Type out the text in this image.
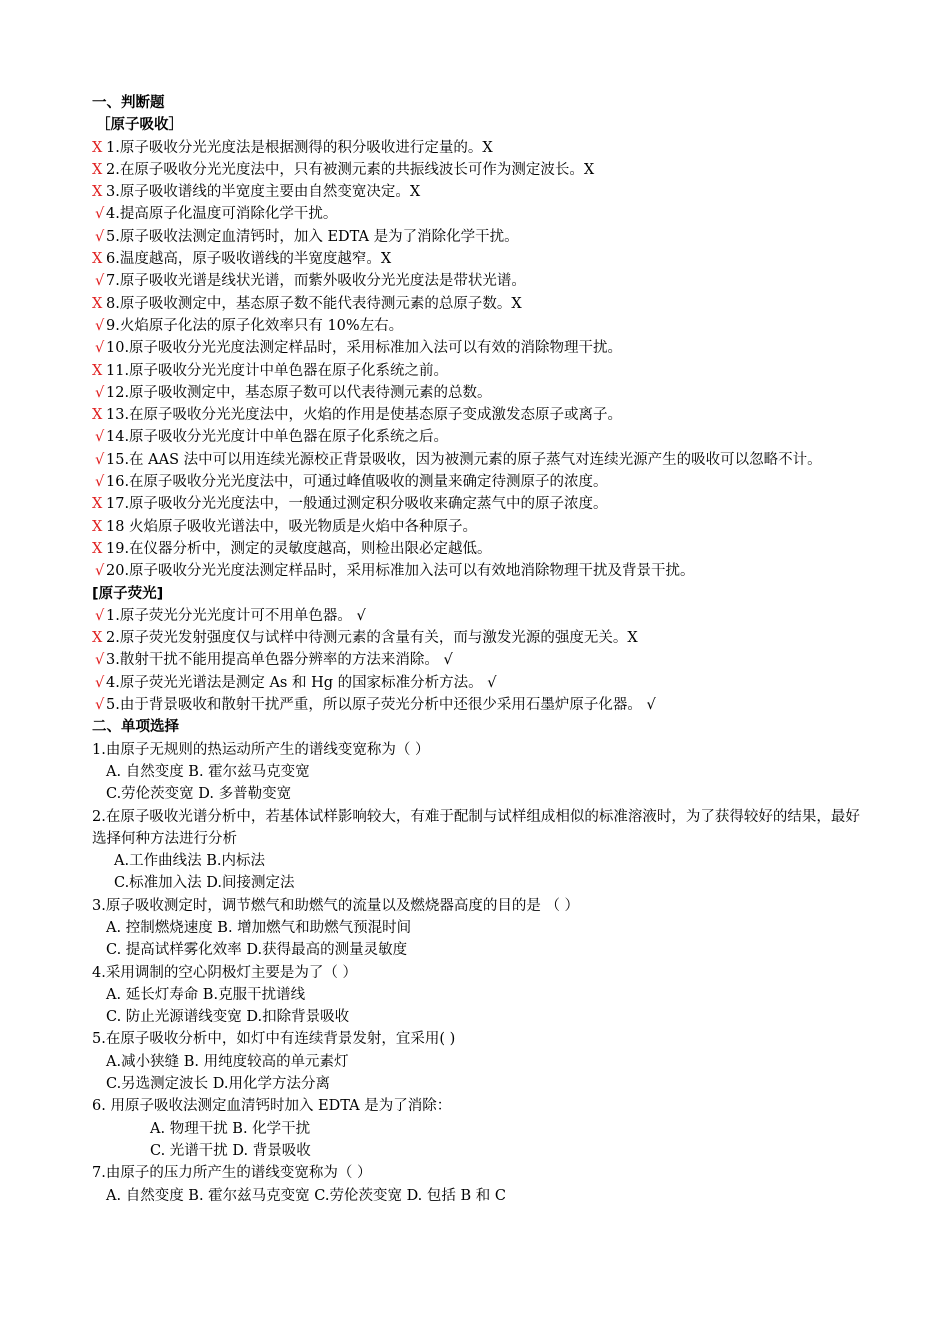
一、判断题
［原子吸收］
X 1.原子吸收分光光度法是根据测得的积分吸收进行定量的。X
X 2.在原子吸收分光光度法中，只有被测元素的共振线波长可作为测定波长。X
X 3.原子吸收谱线的半宽度主要由自然变宽决定。X
√ 4.提高原子化温度可消除化学干扰。
√ 5.原子吸收法测定血清钙时，加入 EDTA 是为了消除化学干扰。
X 6.温度越高，原子吸收谱线的半宽度越窄。X
√ 7.原子吸收光谱是线状光谱，而紫外吸收分光光度法是带状光谱。
X 8.原子吸收测定中，基态原子数不能代表待测元素的总原子数。X
√ 9.火焰原子化法的原子化效率只有 10%左右。
√ 10.原子吸收分光光度法测定样品时，采用标准加入法可以有效的消除物理干扰。
X 11.原子吸收分光光度计中单色器在原子化系统之前。
√ 12.原子吸收测定中，基态原子数可以代表待测元素的总数。
X 13.在原子吸收分光光度法中，火焰的作用是使基态原子变成激发态原子或离子。
√ 14.原子吸收分光光度计中单色器在原子化系统之后。
√ 15.在 AAS 法中可以用连续光源校正背景吸收，因为被测元素的原子蒸气对连续光源产生的吸收可以忽略不计。
√ 16.在原子吸收分光光度法中，可通过峰值吸收的测量来确定待测原子的浓度。
X 17.原子吸收分光光度法中，一般通过测定积分吸收来确定蒸气中的原子浓度。
X 18 火焰原子吸收光谱法中，吸光物质是火焰中各种原子。
X 19.在仪器分析中，测定的灵敏度越高，则检出限必定越低。
√ 20.原子吸收分光光度法测定样品时，采用标准加入法可以有效地消除物理干扰及背景干扰。
[原子荧光]
√ 1.原子荧光分光光度计可不用单色器。 √
X 2.原子荧光发射强度仅与试样中待测元素的含量有关，而与激发光源的强度无关。X
√ 3.散射干扰不能用提高单色器分辨率的方法来消除。 √
√ 4.原子荧光光谱法是测定 As 和 Hg 的国家标准分析方法。 √
√ 5.由于背景吸收和散射干扰严重，所以原子荧光分析中还很少采用石墨炉原子化器。 √
二、单项选择
1.由原子无规则的热运动所产生的谱线变宽称为（ ）
A. 自然变度 B. 霍尔兹马克变宽
C.劳伦茨变宽 D. 多普勒变宽
2.在原子吸收光谱分析中，若基体试样影响较大，有难于配制与试样组成相似的标准溶液时，为了获得较好的结果，最好选择何种方法进行分析
A.工作曲线法 B.内标法
C.标准加入法 D.间接测定法
3.原子吸收测定时，调节燃气和助燃气的流量以及燃烧器高度的目的是 （ ）
A. 控制燃烧速度 B. 增加燃气和助燃气预混时间
C. 提高试样雾化效率 D.获得最高的测量灵敏度
4.采用调制的空心阴极灯主要是为了（ ）
A. 延长灯寿命 B.克服干扰谱线
C. 防止光源谱线变宽 D.扣除背景吸收
5.在原子吸收分析中，如灯中有连续背景发射，宜采用( )
A.减小狭缝 B. 用纯度较高的单元素灯
C.另选测定波长 D.用化学方法分离
6. 用原子吸收法测定血清钙时加入 EDTA 是为了消除：
A. 物理干扰 B. 化学干扰
C. 光谱干扰 D. 背景吸收
7.由原子的压力所产生的谱线变宽称为（ ）
A. 自然变度 B. 霍尔兹马克变宽 C.劳伦茨变宽 D. 包括 B 和 C
